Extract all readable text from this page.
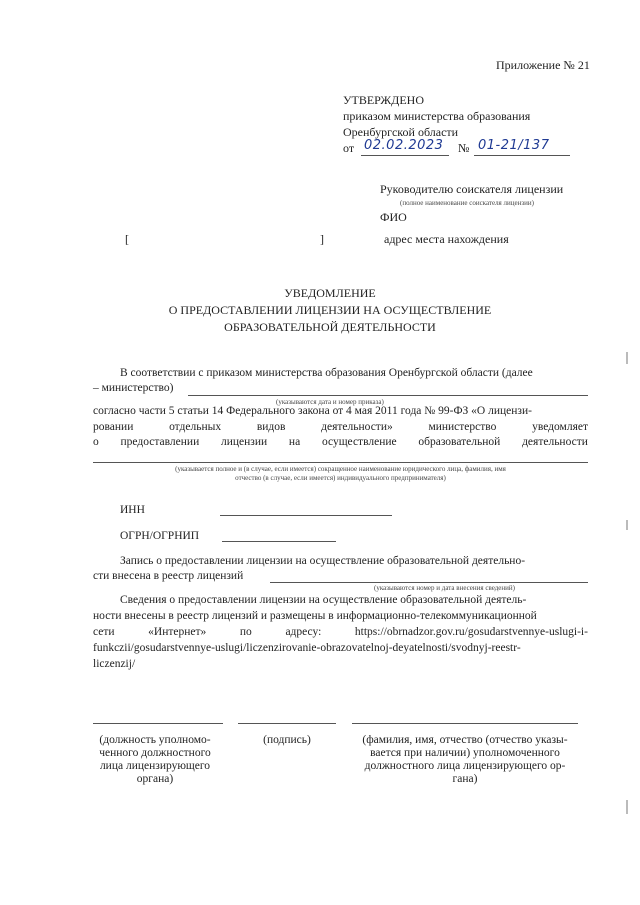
Приложение № 21
УТВЕРЖДЕНО
приказом министерства образования
Оренбургской области
от 02.02.2023 № 01-21/137
Руководителю соискателя лицензии
(полное наименование соискателя лицензии)
ФИО
[	]	адрес места нахождения
УВЕДОМЛЕНИЕ
О ПРЕДОСТАВЛЕНИИ ЛИЦЕНЗИИ НА ОСУЩЕСТВЛЕНИЕ
ОБРАЗОВАТЕЛЬНОЙ ДЕЯТЕЛЬНОСТИ
В соответствии с приказом министерства образования Оренбургской области (далее
– министерство)
(указываются дата и номер приказа)
согласно части 5 статьи 14 Федерального закона от 4 мая 2011 года № 99-ФЗ «О лицензи-
ровании	отдельных	видов	деятельности»	министерство	уведомляет
о предоставлении лицензии на осуществление образовательной деятельности
(указывается полное и (в случае, если имеется) сокращенное наименование юридического лица, фамилия, имя
отчество (в случае, если имеется) индивидуального предпринимателя)
ИНН
ОГРН/ОГРНИП
Запись о предоставлении лицензии на осуществление образовательной деятельно-
сти внесена в реестр лицензий
(указываются номер и дата внесения сведений)
Сведения о предоставлении лицензии на осуществление образовательной деятель-
ности внесены в реестр лицензий и размещены в информационно-телекоммуникационной
сети	«Интернет»	по	адресу:	https://obrnadzor.gov.ru/gosudarstvennye-uslugi-i-
funkczii/gosudarstvennye-uslugi/liczenzirovanie-obrazovatelnoj-deyatelnosti/svodnyj-reestr-
liczenzij/
(должность уполномо-
ченного должностного
лица лицензирующего
органа)
(подпись)	(фамилия, имя, отчество (отчество указы-
вается при наличии) уполномоченного
должностного лица лицензирующего ор-
гана)
